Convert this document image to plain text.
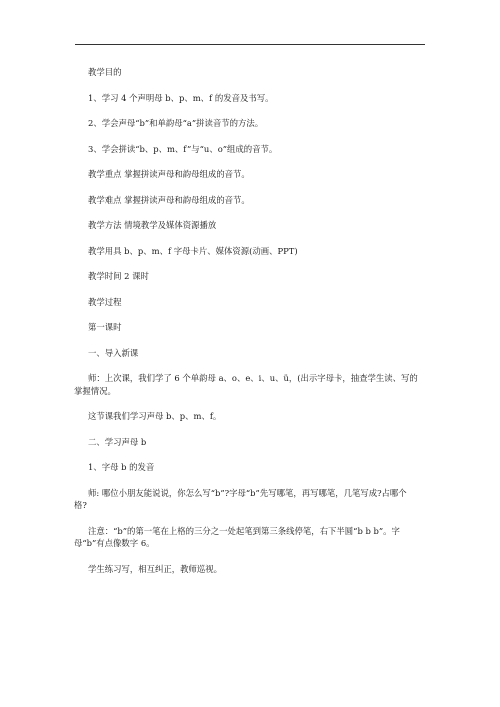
教学目的

1、学习 4 个声明母 b、p、m、f 的发音及书写。

2、学会声母“b”和单韵母“a”拼读音节的方法。

3、学会拼读“b、p、m、f”与“u、o”组成的音节。

教学重点 掌握拼读声母和韵母组成的音节。

教学难点 掌握拼读声母和韵母组成的音节。

教学方法 情境教学及媒体资源播放

教学用具 b、p、m、f 字母卡片、媒体资源(动画、PPT)

教学时间 2 课时

教学过程

第一课时

一、导入新课

师：上次课，我们学了 6 个单韵母 a、o、e、i、u、ü，(出示字母卡，抽查学生读、写的掌握情况。

这节课我们学习声母 b、p、m、f。

二、学习声母 b

1、字母 b 的发音

师: 哪位小朋友能说说，你怎么写“b”?字母“b”先写哪笔，再写哪笔，几笔写成?占哪个格?

注意：“b”的第一笔在上格的三分之一处起笔到第三条线停笔，右下半圆“b b b”。字母“b”有点像数字 6。

学生练习写，相互纠正，教师巡视。
